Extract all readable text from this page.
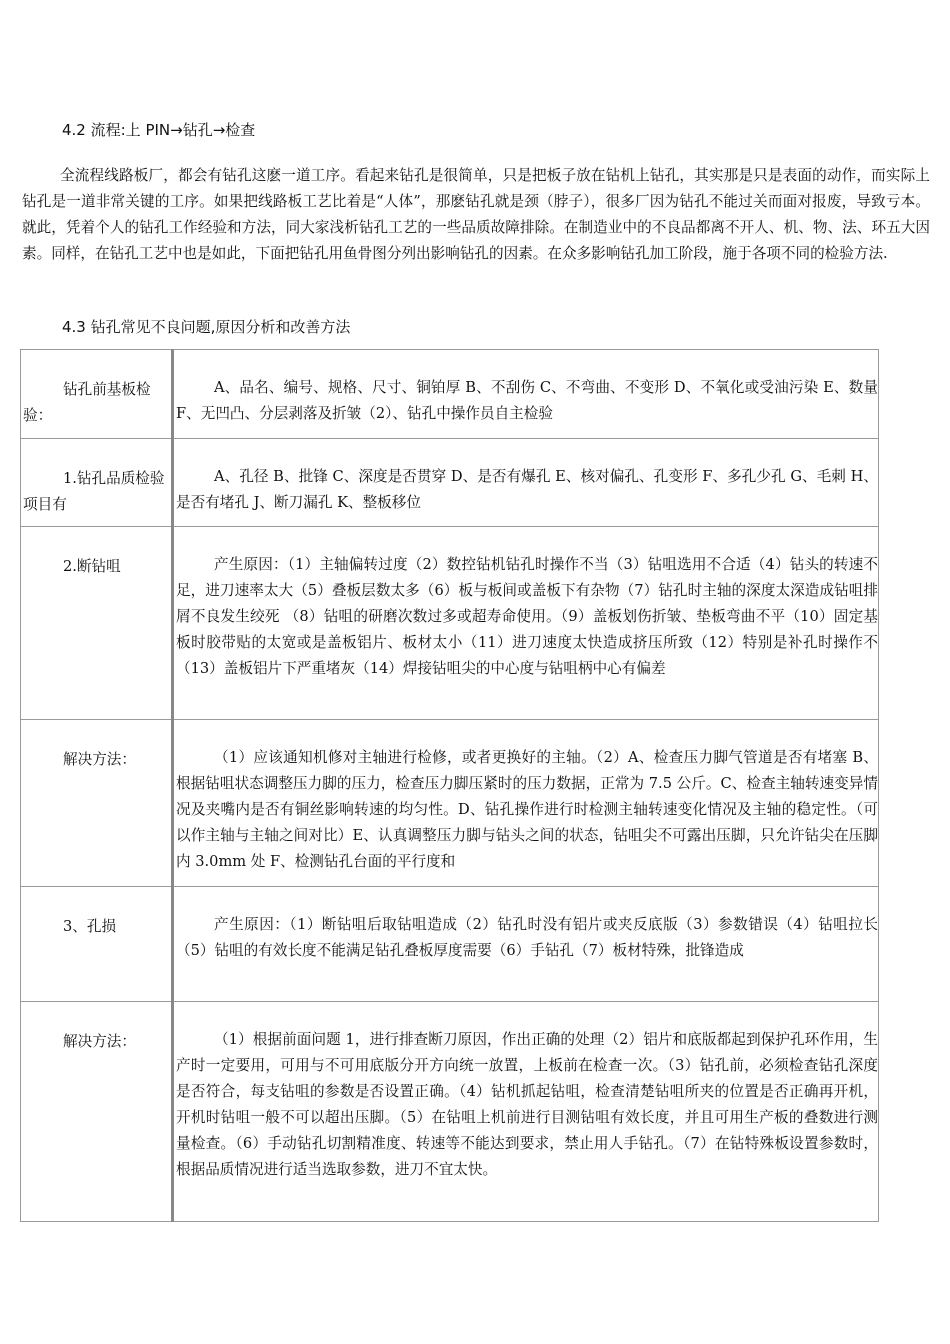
4.2 流程:上 PIN→钻孔→检查

全流程线路板厂，都会有钻孔这麽一道工序。看起来钻孔是很简单，只是把板子放在钻机上钻孔，其实那是只是表面的动作，而实际上钻孔是一道非常关键的工序。如果把线路板工艺比着是“人体”，那麽钻孔就是颈（脖子），很多厂因为钻孔不能过关而面对报废，导致亏本。就此，凭着个人的钻孔工作经验和方法，同大家浅析钻孔工艺的一些品质故障排除。在制造业中的不良品都离不开人、机、物、法、环五大因素。同样，在钻孔工艺中也是如此，下面把钻孔用鱼骨图分列出影响钻孔的因素。在众多影响钻孔加工阶段，施于各项不同的检验方法.

4.3 钻孔常见不良问题,原因分析和改善方法

钻孔前基板检验：	A、品名、编号、规格、尺寸、铜铂厚 B、不刮伤 C、不弯曲、不变形 D、不氧化或受油污染 E、数量 F、无凹凸、分层剥落及折皱（2）、钻孔中操作员自主检验

1.钻孔品质检验项目有	A、孔径 B、批锋 C、深度是否贯穿 D、是否有爆孔 E、核对偏孔、孔变形 F、多孔少孔 G、毛刺 H、是否有堵孔 J、断刀漏孔 K、整板移位

2.断钻咀	产生原因：（1）主轴偏转过度（2）数控钻机钻孔时操作不当（3）钻咀选用不合适（4）钻头的转速不足，进刀速率太大（5）叠板层数太多（6）板与板间或盖板下有杂物（7）钻孔时主轴的深度太深造成钻咀排屑不良发生绞死 （8）钻咀的研磨次数过多或超寿命使用。（9）盖板划伤折皱、垫板弯曲不平（10）固定基板时胶带贴的太宽或是盖板铝片、板材太小（11）进刀速度太快造成挤压所致（12）特别是补孔时操作不（13）盖板铝片下严重堵灰（14）焊接钻咀尖的中心度与钻咀柄中心有偏差

解决方法：	（1）应该通知机修对主轴进行检修，或者更换好的主轴。（2）A、检查压力脚气管道是否有堵塞 B、根据钻咀状态调整压力脚的压力，检查压力脚压紧时的压力数据，正常为 7.5 公斤。C、检查主轴转速变异情况及夹嘴内是否有铜丝影响转速的均匀性。D、钻孔操作进行时检测主轴转速变化情况及主轴的稳定性。（可以作主轴与主轴之间对比）E、认真调整压力脚与钻头之间的状态，钻咀尖不可露出压脚，只允许钻尖在压脚内 3.0mm 处 F、检测钻孔台面的平行度和

3、孔损	产生原因：（1）断钻咀后取钻咀造成（2）钻孔时没有铝片或夹反底版（3）参数错误（4）钻咀拉长（5）钻咀的有效长度不能满足钻孔叠板厚度需要（6）手钻孔（7）板材特殊，批锋造成

解决方法：	（1）根据前面问题 1，进行排查断刀原因，作出正确的处理（2）铝片和底版都起到保护孔环作用，生产时一定要用，可用与不可用底版分开方向统一放置，上板前在检查一次。（3）钻孔前，必须检查钻孔深度是否符合，每支钻咀的参数是否设置正确。（4）钻机抓起钻咀，检查清楚钻咀所夹的位置是否正确再开机，开机时钻咀一般不可以超出压脚。（5）在钻咀上机前进行目测钻咀有效长度，并且可用生产板的叠数进行测量检查。（6）手动钻孔切割精准度、转速等不能达到要求，禁止用人手钻孔。（7）在钻特殊板设置参数时，根据品质情况进行适当选取参数，进刀不宜太快。
